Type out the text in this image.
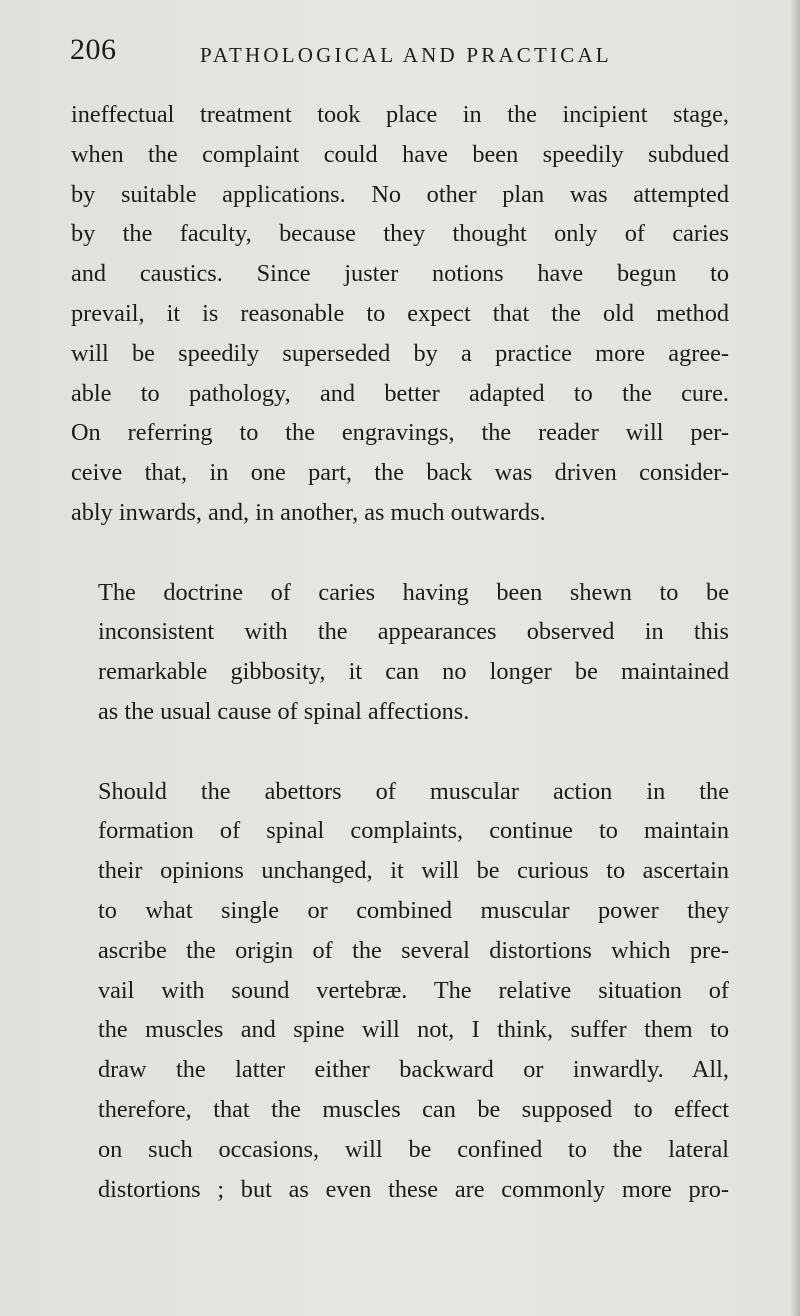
206	PATHOLOGICAL AND PRACTICAL

ineffectual treatment took place in the incipient stage,
when the complaint could have been speedily subdued
by suitable applications. No other plan was attempted
by the faculty, because they thought only of caries
and caustics. Since juster notions have begun to
prevail, it is reasonable to expect that the old method
will be speedily superseded by a practice more agree-
able to pathology, and better adapted to the cure.
On referring to the engravings, the reader will per-
ceive that, in one part, the back was driven consider-
ably inwards, and, in another, as much outwards.

The doctrine of caries having been shewn to be
inconsistent with the appearances observed in this
remarkable gibbosity, it can no longer be maintained
as the usual cause of spinal affections.

Should the abettors of muscular action in the
formation of spinal complaints, continue to maintain
their opinions unchanged, it will be curious to ascertain
to what single or combined muscular power they
ascribe the origin of the several distortions which pre-
vail with sound vertebræ. The relative situation of
the muscles and spine will not, I think, suffer them to
draw the latter either backward or inwardly. All,
therefore, that the muscles can be supposed to effect
on such occasions, will be confined to the lateral
distortions ; but as even these are commonly more pro-
